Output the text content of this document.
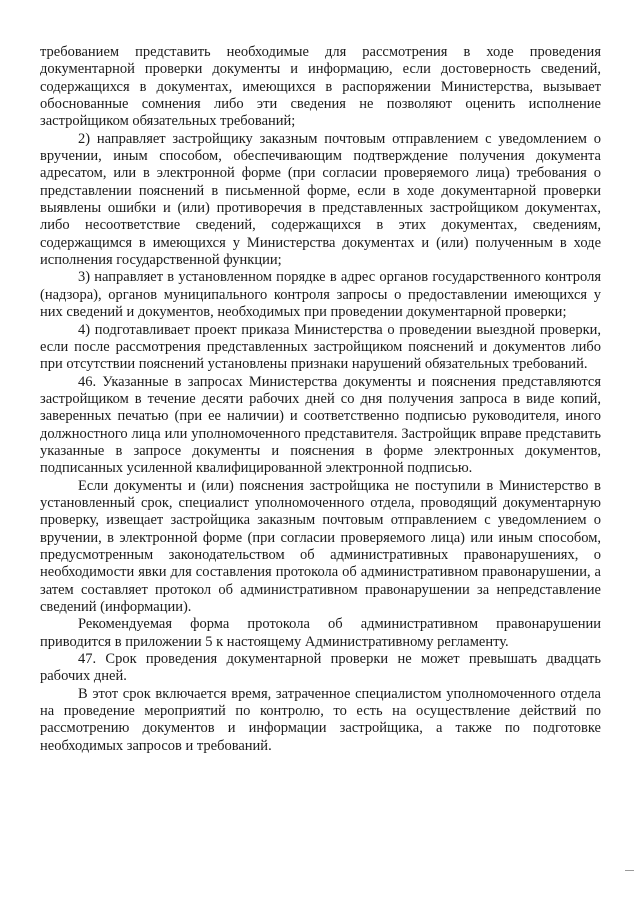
требованием представить необходимые для рассмотрения в ходе проведения документарной проверки документы и информацию, если достоверность сведений, содержащихся в документах, имеющихся в распоряжении Министерства, вызывает обоснованные сомнения либо эти сведения не позволяют оценить исполнение застройщиком обязательных требований;

2) направляет застройщику заказным почтовым отправлением с уведомлением о вручении, иным способом, обеспечивающим подтверждение получения документа адресатом, или в электронной форме (при согласии проверяемого лица) требования о представлении пояснений в письменной форме, если в ходе документарной проверки выявлены ошибки и (или) противоречия в представленных застройщиком документах, либо несоответствие сведений, содержащихся в этих документах, сведениям, содержащимся в имеющихся у Министерства документах и (или) полученным в ходе исполнения государственной функции;

3) направляет в установленном порядке в адрес органов государственного контроля (надзора), органов муниципального контроля запросы о предоставлении имеющихся у них сведений и документов, необходимых при проведении документарной проверки;

4) подготавливает проект приказа Министерства о проведении выездной проверки, если после рассмотрения представленных застройщиком пояснений и документов либо при отсутствии пояснений установлены признаки нарушений обязательных требований.

46. Указанные в запросах Министерства документы и пояснения представляются застройщиком в течение десяти рабочих дней со дня получения запроса в виде копий, заверенных печатью (при ее наличии) и соответственно подписью руководителя, иного должностного лица или уполномоченного представителя. Застройщик вправе представить указанные в запросе документы и пояснения в форме электронных документов, подписанных усиленной квалифицированной электронной подписью.

Если документы и (или) пояснения застройщика не поступили в Министерство в установленный срок, специалист уполномоченного отдела, проводящий документарную проверку, извещает застройщика заказным почтовым отправлением с уведомлением о вручении, в электронной форме (при согласии проверяемого лица) или иным способом, предусмотренным законодательством об административных правонарушениях, о необходимости явки для составления протокола об административном правонарушении, а затем составляет протокол об административном правонарушении за непредставление сведений (информации).

Рекомендуемая форма протокола об административном правонарушении приводится в приложении 5 к настоящему Административному регламенту.

47. Срок проведения документарной проверки не может превышать двадцать рабочих дней.

В этот срок включается время, затраченное специалистом уполномоченного отдела на проведение мероприятий по контролю, то есть на осуществление действий по рассмотрению документов и информации застройщика, а также по подготовке необходимых запросов и требований.
